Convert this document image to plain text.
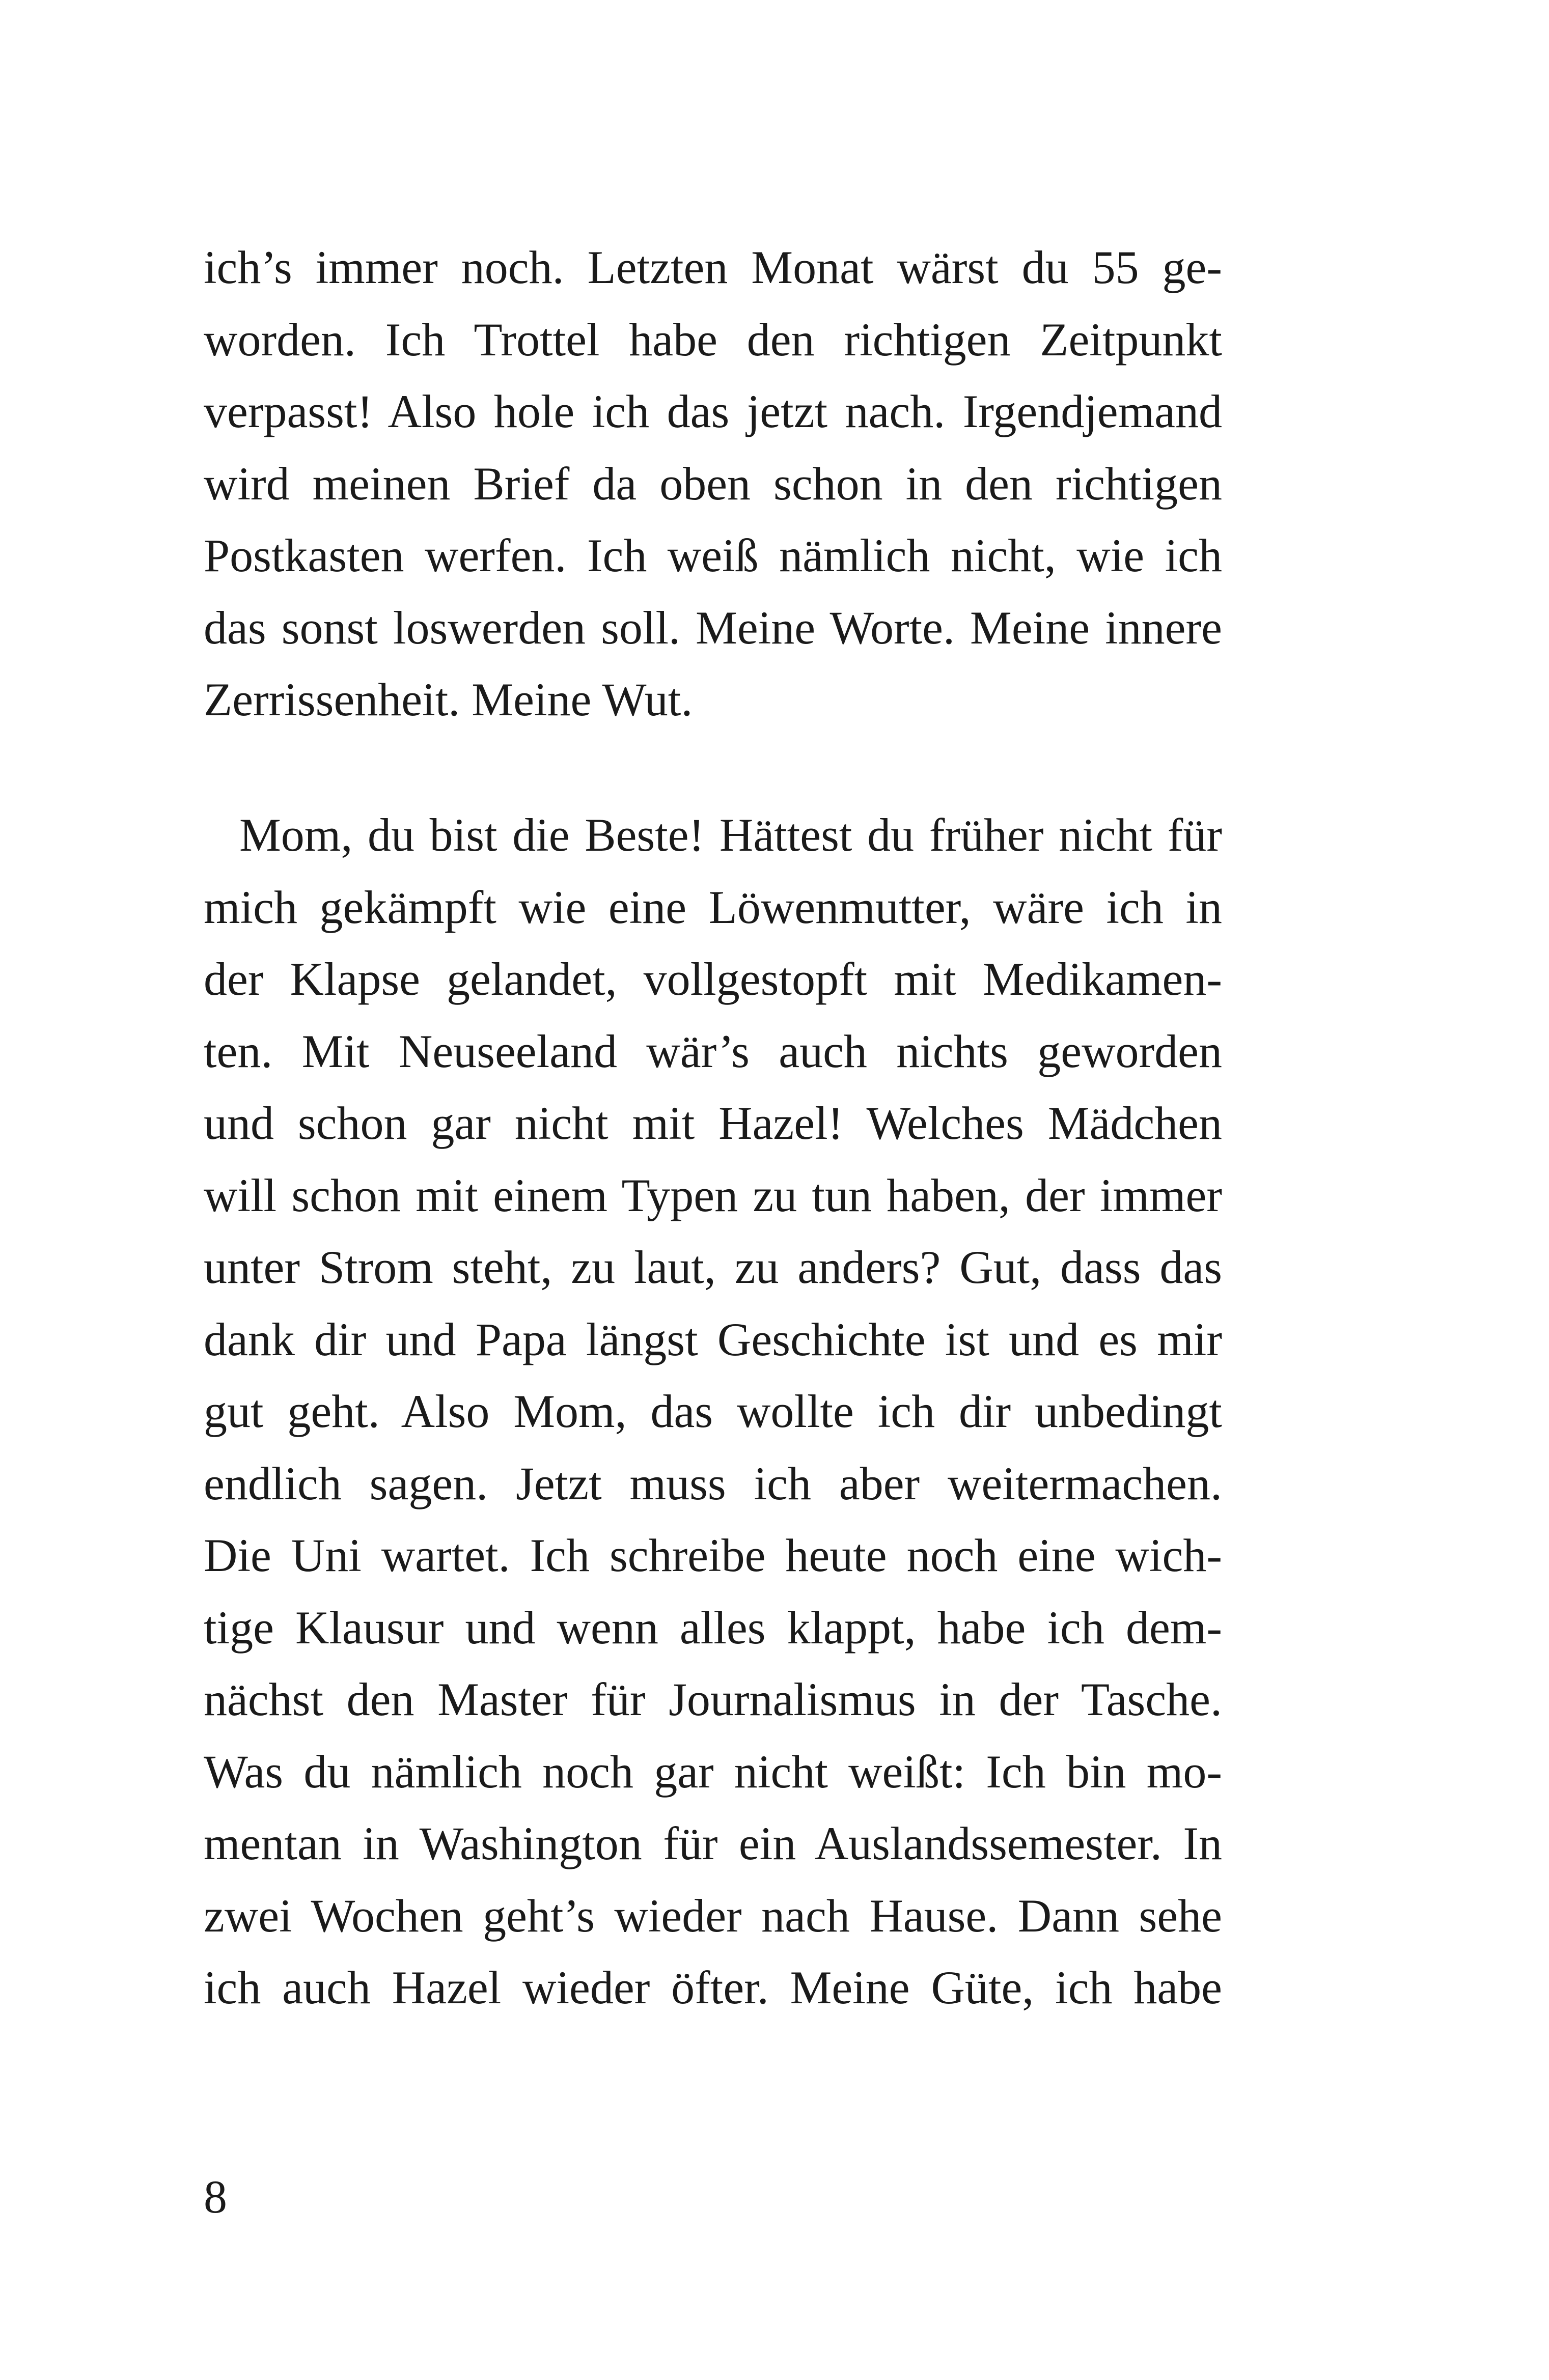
ich’s immer noch. Letzten Monat wärst du 55 ge-
worden. Ich Trottel habe den richtigen Zeitpunkt
verpasst! Also hole ich das jetzt nach. Irgendjemand
wird meinen Brief da oben schon in den richtigen
Postkasten werfen. Ich weiß nämlich nicht, wie ich
das sonst loswerden soll. Meine Worte. Meine innere
Zerrissenheit. Meine Wut.
Mom, du bist die Beste! Hättest du früher nicht für
mich gekämpft wie eine Löwenmutter, wäre ich in
der Klapse gelandet, vollgestopft mit Medikamen-
ten. Mit Neuseeland wär’s auch nichts geworden
und schon gar nicht mit Hazel! Welches Mädchen
will schon mit einem Typen zu tun haben, der immer
unter Strom steht, zu laut, zu anders? Gut, dass das
dank dir und Papa längst Geschichte ist und es mir
gut geht. Also Mom, das wollte ich dir unbedingt
endlich sagen. Jetzt muss ich aber weitermachen.
Die Uni wartet. Ich schreibe heute noch eine wich-
tige Klausur und wenn alles klappt, habe ich dem-
nächst den Master für Journalismus in der Tasche.
Was du nämlich noch gar nicht weißt: Ich bin mo-
mentan in Washington für ein Auslandssemester. In
zwei Wochen geht’s wieder nach Hause. Dann sehe
ich auch Hazel wieder öfter. Meine Güte, ich habe
8
